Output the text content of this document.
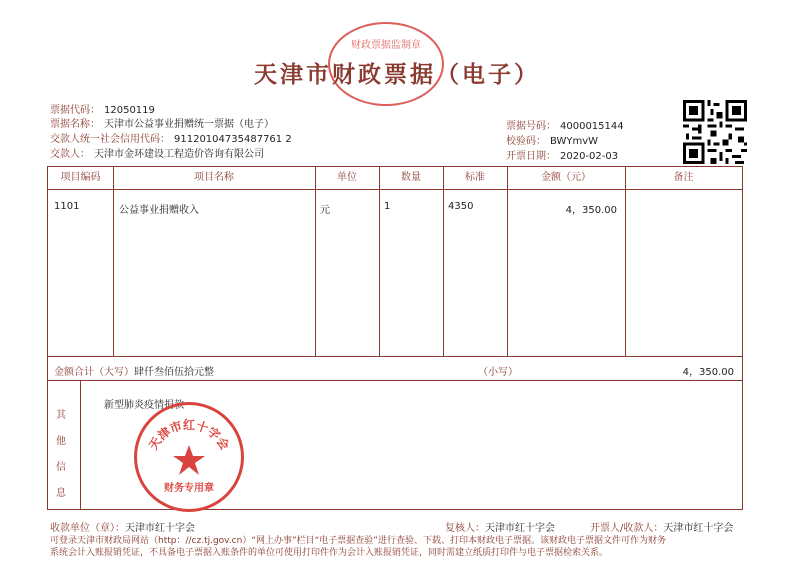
财政票据监制章
天津市财政票据（电子）
票据代码： 12050119
票据名称： 天津市公益事业捐赠统一票据（电子）
交款人统一社会信用代码： 91120104735487761 2
交款人： 天津市金环建设工程造价咨询有限公司
票据号码： 4000015144
校验码： BWYmvW
开票日期： 2020-02-03
项目编码	项目名称	单位	数量	标准	金额（元）	备注
1101	公益事业捐赠收入	元	1	4350	4，350.00
金额合计（大写） 肆仟叁佰伍拾元整	（小写）	4，350.00
其
他
信
息
新型肺炎疫情捐款
天津市红十字会
财务专用章
收款单位（章）：天津市红十字会	复核人：天津市红十字会	开票人/收款人：天津市红十字会
可登录天津市财政局网站（http：//cz.tj.gov.cn）“网上办事”栏目“电子票据查验”进行查验、下载、打印本财政电子票据。该财政电子票据文件可作为财务
系统会计入账报销凭证，不具备电子票据入账条件的单位可使用打印件作为会计入账报销凭证，同时需建立纸质打印件与电子票据检索关系。
